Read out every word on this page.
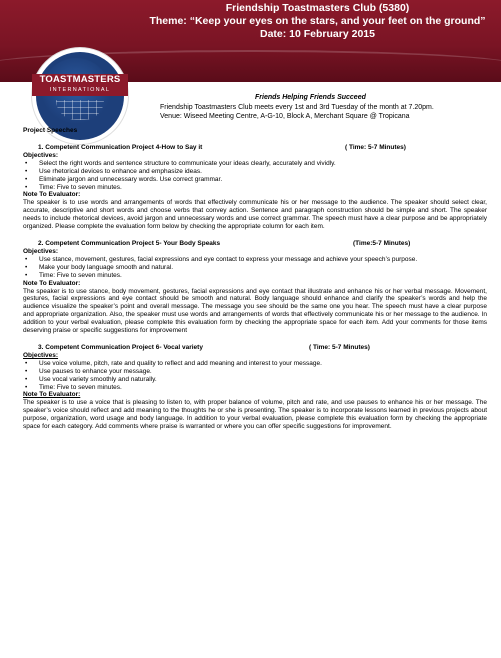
Friendship Toastmasters Club (5380)
Theme: “Keep your eyes on the stars, and your feet on the ground”
Date: 10 February 2015
TOASTMASTERS
INTERNATIONAL
Friends Helping Friends Succeed
Friendship Toastmasters Club meets every 1st and 3rd Tuesday of the month at 7.20pm.
Venue: Wiseed Meeting Centre, A-G-10, Block A, Merchant Square @ Tropicana

Project Speeches

1. Competent Communication Project 4-How to Say it	( Time: 5-7 Minutes)

Objectives:

• Select the right words and sentence structure to communicate your ideas clearly, accurately and vividly.
• Use rhetorical devices to enhance and emphasize ideas.
• Eliminate jargon and unnecessary words. Use correct grammar.
• Time: Five to seven minutes.

Note To Evaluator:

The speaker is to use words and arrangements of words that effectively communicate his or her message to the audience. The speaker should select clear, accurate, descriptive and short words and choose verbs that convey action. Sentence and paragraph construction should be simple and short. The speaker needs to include rhetorical devices, avoid jargon and unnecessary words and use correct grammar. The speech must have a clear purpose and be appropriately organized. Please complete the evaluation form below by checking the appropriate column for each item.

2. Competent Communication Project 5- Your Body Speaks	(Time:5-7 Minutes)

Objectives:

• Use stance, movement, gestures, facial expressions and eye contact to express your message and achieve your speech’s purpose.
• Make your body language smooth and natural.
• Time: Five to seven minutes.

Note To Evaluator:

The speaker is to use stance, body movement, gestures, facial expressions and eye contact that illustrate and enhance his or her verbal message. Movement, gestures, facial expressions and eye contact should be smooth and natural. Body language should enhance and clarify the speaker’s words and help the audience visualize the speaker’s point and overall message. The message you see should be the same one you hear. The speech must have a clear purpose and appropriate organization. Also, the speaker must use words and arrangements of words that effectively communicate his or her message to the audience. In addition to your verbal evaluation, please complete this evaluation form by checking the appropriate space for each item. Add your comments for those items deserving praise or specific suggestions for improvement

3. Competent Communication Project 6- Vocal variety	( Time: 5-7 Minutes)

Objectives:

• Use voice volume, pitch, rate and quality to reflect and add meaning and interest to your message.
• Use pauses to enhance your message.
• Use vocal variety smoothly and naturally.
• Time: Five to seven minutes.

Note To Evaluator:

The speaker is to use a voice that is pleasing to listen to, with proper balance of volume, pitch and rate, and use pauses to enhance his or her message. The speaker’s voice should reflect and add meaning to the thoughts he or she is presenting. The speaker is to incorporate lessons learned in previous projects about purpose, organization, word usage and body language. In addition to your verbal evaluation, please complete this evaluation form by checking the appropriate space for each category. Add comments where praise is warranted or where you can offer specific suggestions for improvement.
